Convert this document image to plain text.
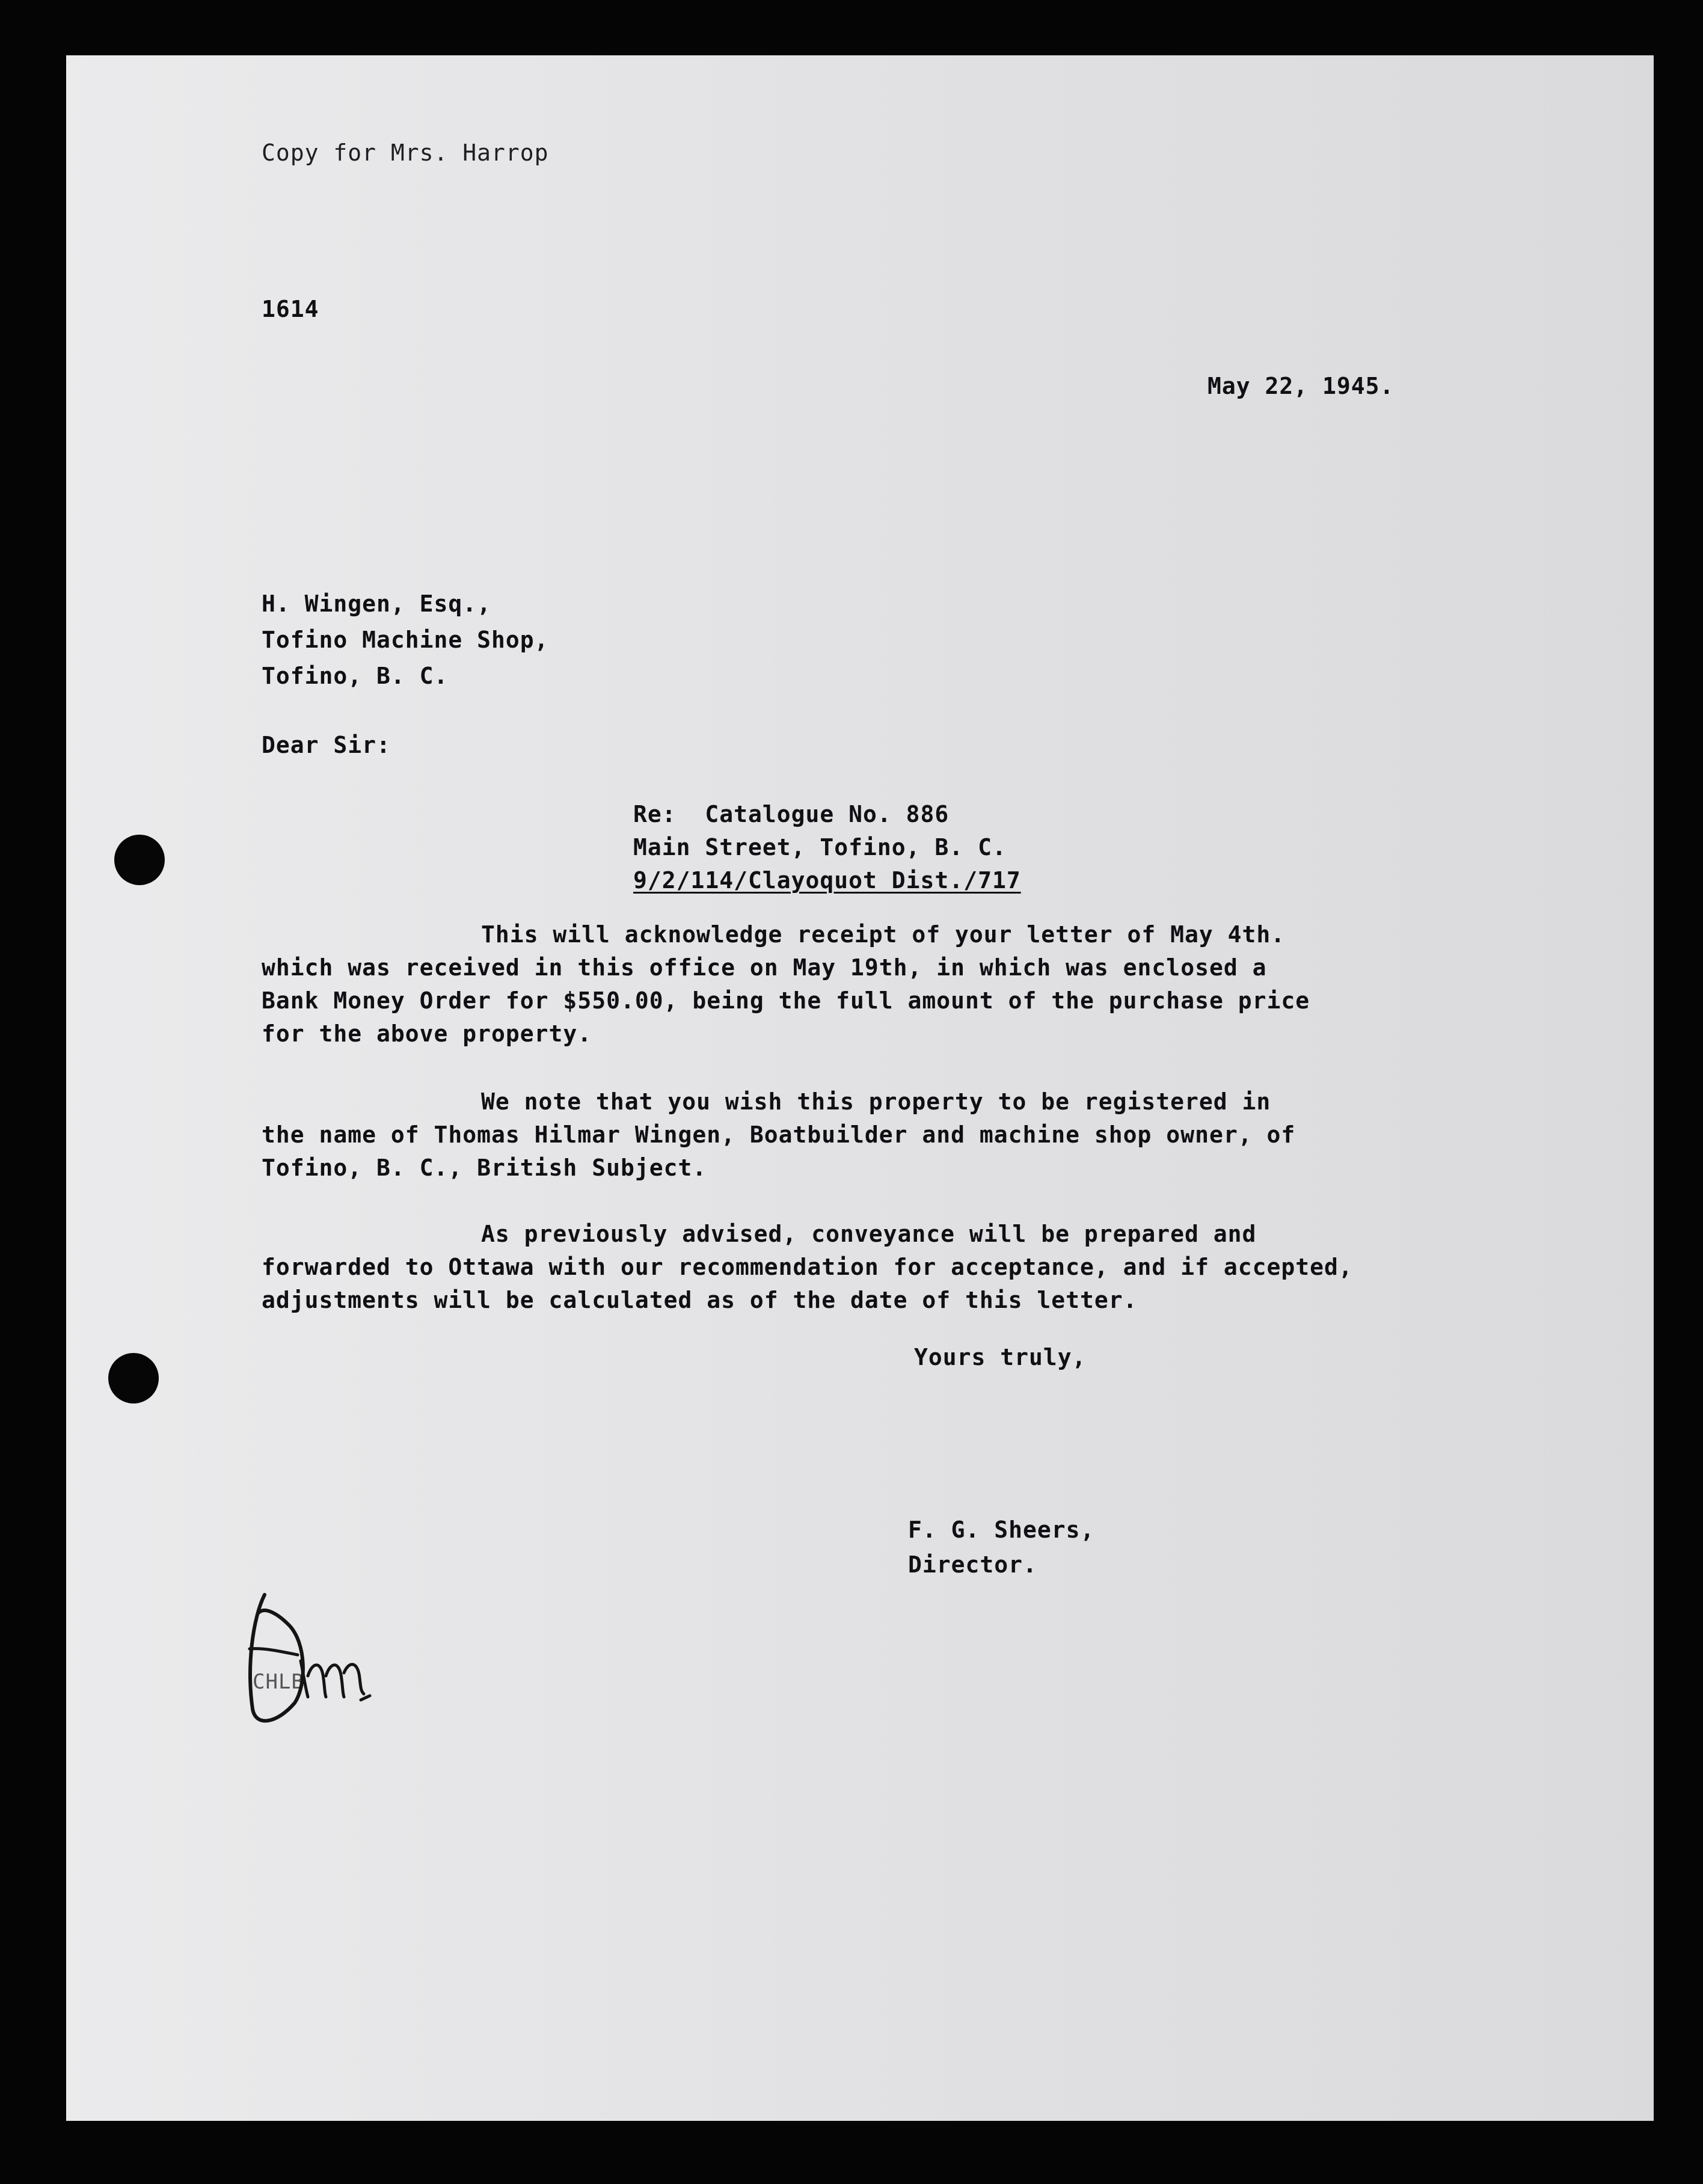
Copy for Mrs. Harrop
1614
May 22, 1945.
H. Wingen, Esq.,
Tofino Machine Shop,
Tofino, B. C.
Dear Sir:
Re:  Catalogue No. 886
Main Street, Tofino, B. C.
9/2/114/Clayoquot Dist./717
This will acknowledge receipt of your letter of May 4th.
which was received in this office on May 19th, in which was enclosed a
Bank Money Order for $550.00, being the full amount of the purchase price
for the above property.
We note that you wish this property to be registered in
the name of Thomas Hilmar Wingen, Boatbuilder and machine shop owner, of
Tofino, B. C., British Subject.
As previously advised, conveyance will be prepared and
forwarded to Ottawa with our recommendation for acceptance, and if accepted,
adjustments will be calculated as of the date of this letter.
Yours truly,
F. G. Sheers,
Director.
CHLB
